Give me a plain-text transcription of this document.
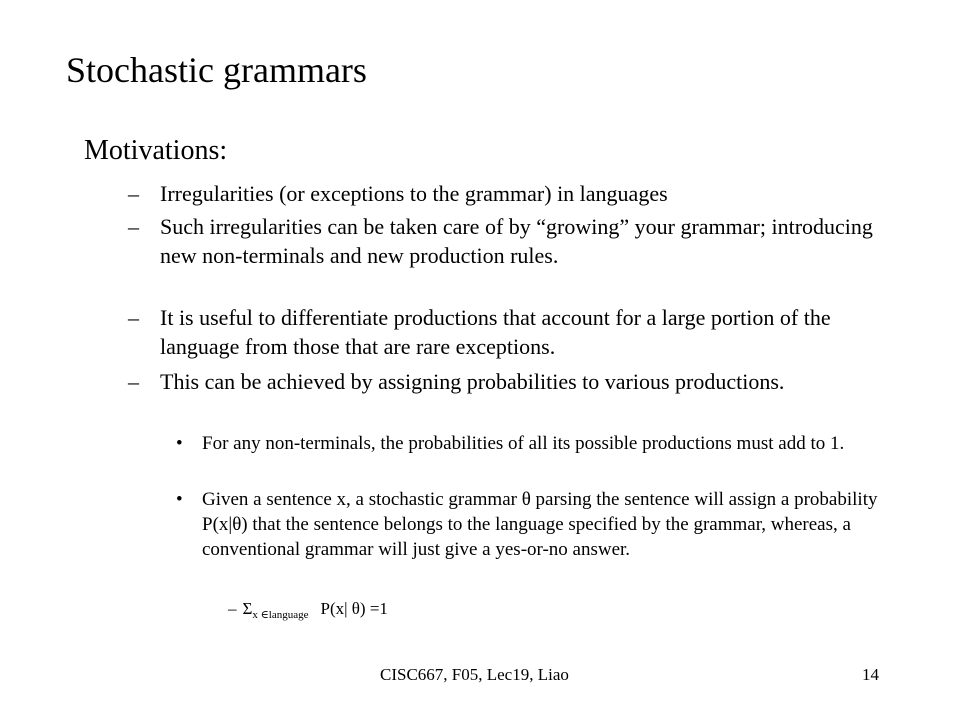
Stochastic grammars
Motivations:
– Irregularities (or exceptions to the grammar) in languages
– Such irregularities can be taken care of by “growing” your grammar; introducing new non-terminals and new production rules.
– It is useful to differentiate productions that account for a large portion of the language from those that are rare exceptions.
– This can be achieved by assigning probabilities to various productions.
• For any non-terminals, the probabilities of all its possible productions must add to 1.
• Given a sentence x, a stochastic grammar θ parsing the sentence will assign a probability P(x|θ) that the sentence belongs to the language specified by the grammar, whereas, a conventional grammar will just give a yes-or-no answer.
– $\Sigma_{x \in language}$ P(x| θ) =1
CISC667, F05, Lec19, Liao	14
